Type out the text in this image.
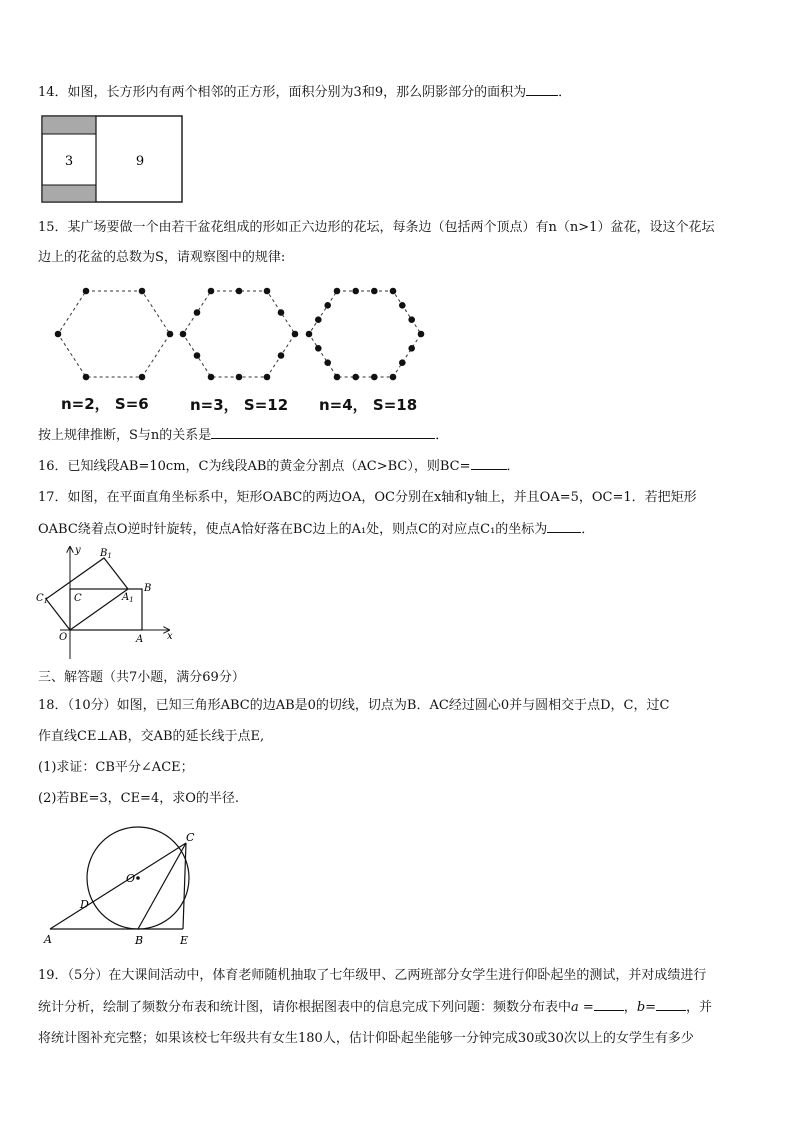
14．如图，长方形内有两个相邻的正方形，面积分别为3和9，那么阴影部分的面积为 ．
3	9
15．某广场要做一个由若干盆花组成的形如正六边形的花坛，每条边（包括两个顶点）有n（n>1）盆花，设这个花坛
边上的花盆的总数为S，请观察图中的规律:
n=2， S=6	n=3， S=12 n=4， S=18
按上规律推断，S与n的关系是	．
16．已知线段AB=10cm，C为线段AB的黄金分割点（AC>BC），则BC=	．
17．如图，在平面直角坐标系中，矩形OABC的两边OA，OC分别在x轴和y轴上，并且OA=5，OC=1．若把矩形
OABC绕着点O逆时针旋转，使点A恰好落在BC边上的A₁处，则点C的对应点C₁的坐标为	．
y
x
O	A
B
C	$A_1$
$B_1$
$C_1$
三、解答题（共7小题，满分69分）
18．（10分）如图，已知三角形ABC的边AB是0的切线，切点为B．AC经过圆心0并与圆相交于点D，C，过C
作直线CE⊥AB，交AB的延长线于点E,
(1)求证：CB平分∠ACE；
(2)若BE=3，CE=4，求O的半径.
A	B	E
C
D
O
19．（5分）在大课间活动中，体育老师随机抽取了七年级甲、乙两班部分女学生进行仰卧起坐的测试，并对成绩进行
统计分析，绘制了频数分布表和统计图，请你根据图表中的信息完成下列问题：频数分布表中a = ，b= ，并
将统计图补充完整；如果该校七年级共有女生180人，估计仰卧起坐能够一分钟完成30或30次以上的女学生有多少
